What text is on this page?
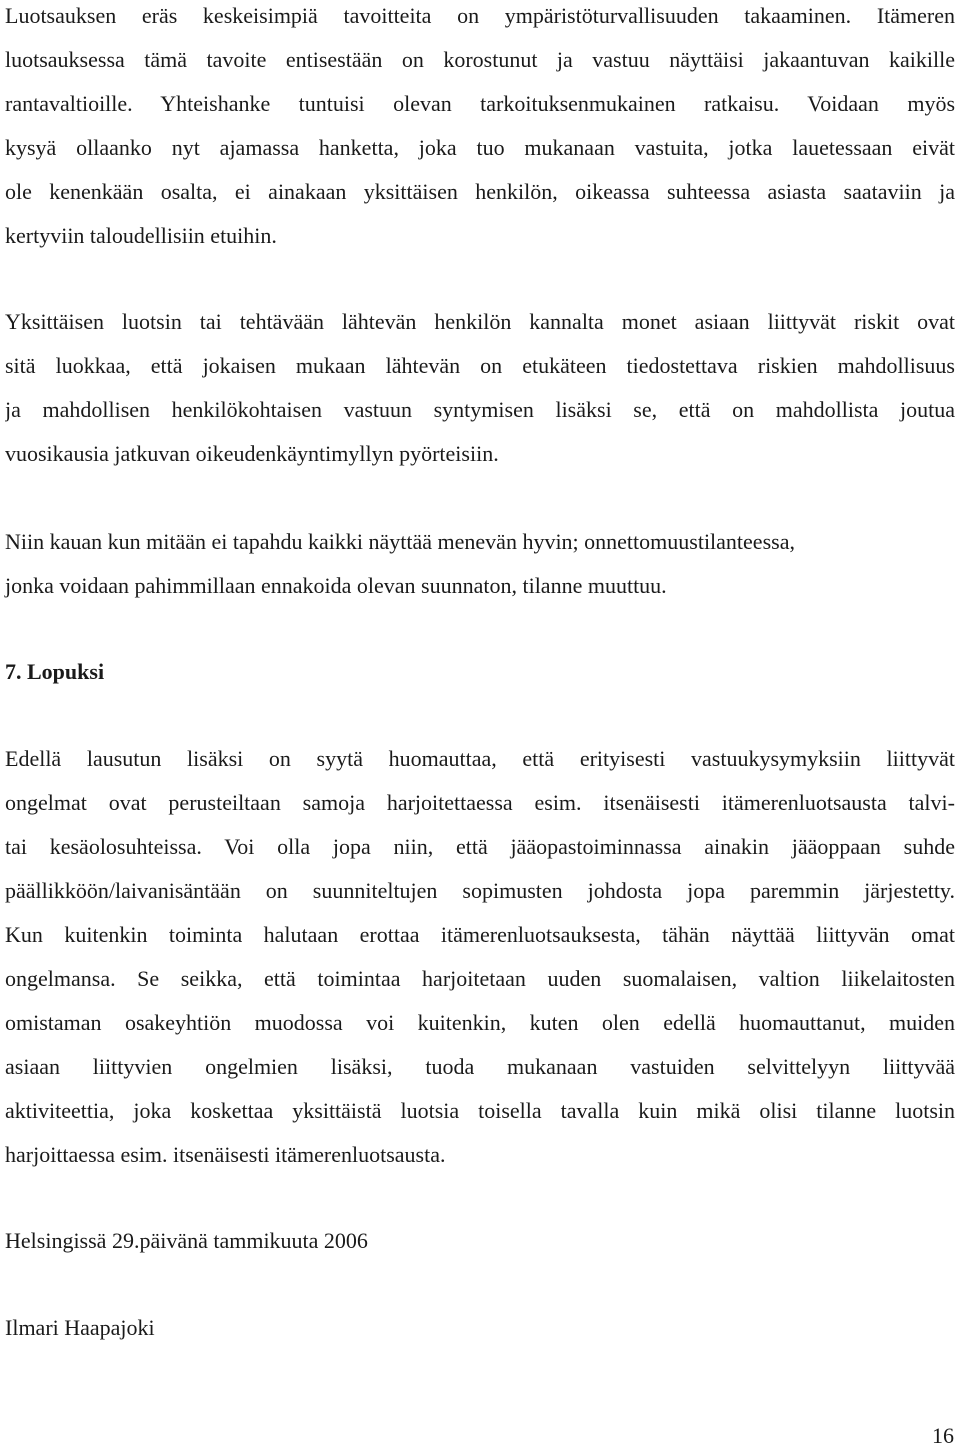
Luotsauksen eräs keskeisimpiä tavoitteita on ympäristöturvallisuuden takaaminen. Itämeren
luotsauksessa tämä tavoite entisestään on korostunut ja vastuu näyttäisi jakaantuvan kaikille
rantavaltioille. Yhteishanke tuntuisi olevan tarkoituksenmukainen ratkaisu. Voidaan myös
kysyä ollaanko nyt ajamassa hanketta, joka tuo mukanaan vastuita, jotka lauetessaan eivät
ole kenenkään osalta, ei ainakaan yksittäisen henkilön, oikeassa suhteessa asiasta saataviin ja
kertyviin taloudellisiin etuihin.
Yksittäisen luotsin tai tehtävään lähtevän henkilön kannalta monet asiaan liittyvät riskit ovat
sitä luokkaa, että jokaisen mukaan lähtevän on etukäteen tiedostettava riskien mahdollisuus
ja mahdollisen henkilökohtaisen vastuun syntymisen lisäksi se, että on mahdollista joutua
vuosikausia jatkuvan oikeudenkäyntimyllyn pyörteisiin.
Niin kauan kun mitään ei tapahdu kaikki näyttää menevän hyvin; onnettomuustilanteessa,
jonka voidaan pahimmillaan ennakoida olevan suunnaton, tilanne muuttuu.
7. Lopuksi
Edellä lausutun lisäksi on syytä huomauttaa, että erityisesti vastuukysymyksiin liittyvät
ongelmat ovat perusteiltaan samoja harjoitettaessa esim. itsenäisesti itämerenluotsausta talvi-
tai kesäolosuhteissa. Voi olla jopa niin, että jääopastoiminnassa ainakin jääoppaan suhde
päällikköön/laivanisäntään on suunniteltujen sopimusten johdosta jopa paremmin järjestetty.
Kun kuitenkin toiminta halutaan erottaa itämerenluotsauksesta, tähän näyttää liittyvän omat
ongelmansa. Se seikka, että toimintaa harjoitetaan uuden suomalaisen, valtion liikelaitosten
omistaman osakeyhtiön muodossa voi kuitenkin, kuten olen edellä huomauttanut, muiden
asiaan liittyvien ongelmien lisäksi, tuoda mukanaan vastuiden selvittelyyn liittyvää
aktiviteettia, joka koskettaa yksittäistä luotsia toisella tavalla kuin mikä olisi tilanne luotsin
harjoittaessa esim. itsenäisesti itämerenluotsausta.
Helsingissä 29.päivänä tammikuuta 2006
Ilmari Haapajoki
16
